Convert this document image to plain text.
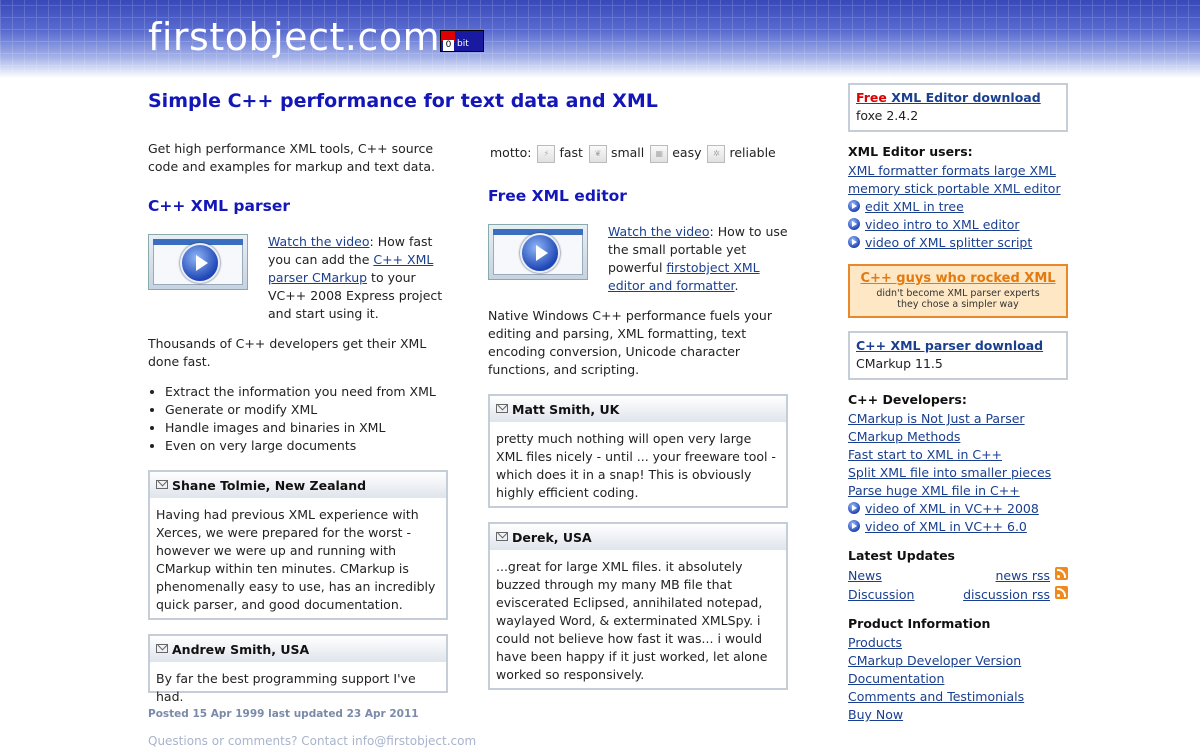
firstobject.com 0 bit
Simple C++ performance for text data and XML
Get high performance XML tools, C++ source code and examples for markup and text data.
C++ XML parser
Watch the video: How fast you can add the C++ XML parser CMarkup to your VC++ 2008 Express project and start using it.
Thousands of C++ developers get their XML done fast.
• Extract the information you need from XML
• Generate or modify XML
• Handle images and binaries in XML
• Even on very large documents
Shane Tolmie, New Zealand
Having had previous XML experience with Xerces, we were prepared for the worst - however we were up and running with CMarkup within ten minutes. CMarkup is phenomenally easy to use, has an incredibly quick parser, and good documentation.
Andrew Smith, USA
By far the best programming support I've had.
Posted 15 Apr 1999 last updated 23 Apr 2011
Questions or comments? Contact info@firstobject.com
motto: ⚡ fast ❦ small ▦ easy ✲ reliable
Free XML editor
Watch the video: How to use the small portable yet powerful firstobject XML editor and formatter.
Native Windows C++ performance fuels your editing and parsing, XML formatting, text encoding conversion, Unicode character functions, and scripting.
Matt Smith, UK
pretty much nothing will open very large XML files nicely - until ... your freeware tool - which does it in a snap! This is obviously highly efficient coding.
Derek, USA
...great for large XML files. it absolutely buzzed through my many MB file that eviscerated Eclipsed, annihilated notepad, waylayed Word, & exterminated XMLSpy. i could not believe how fast it was... i would have been happy if it just worked, let alone worked so responsively.
Free XML Editor download
foxe 2.4.2
XML Editor users:
XML formatter formats large XML
memory stick portable XML editor
edit XML in tree
video intro to XML editor
video of XML splitter script
C++ guys who rocked XML
didn't become XML parser experts
they chose a simpler way
C++ XML parser download
CMarkup 11.5
C++ Developers:
CMarkup is Not Just a Parser
CMarkup Methods
Fast start to XML in C++
Split XML file into smaller pieces
Parse huge XML file in C++
video of XML in VC++ 2008
video of XML in VC++ 6.0
Latest Updates
News	news rss
Discussion	discussion rss
Product Information
Products
CMarkup Developer Version
Documentation
Comments and Testimonials
Buy Now
